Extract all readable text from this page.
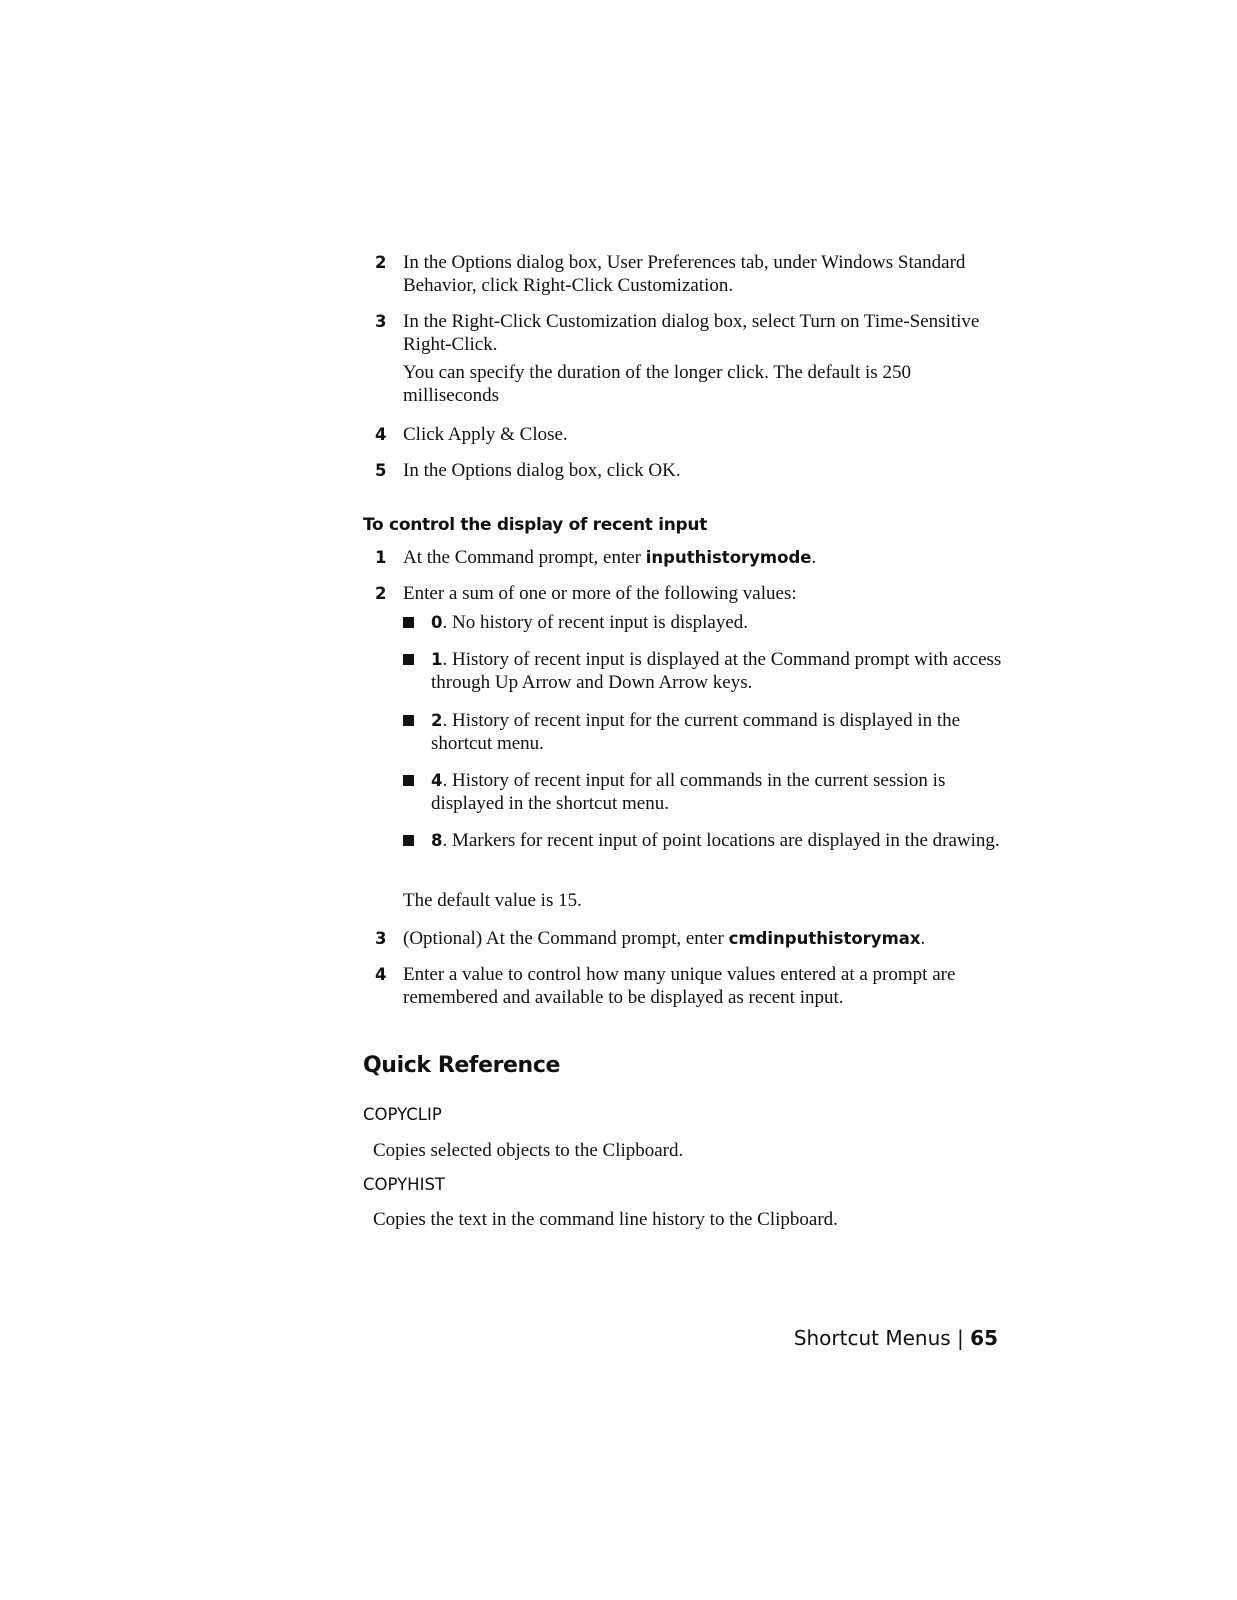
2 In the Options dialog box, User Preferences tab, under Windows Standard Behavior, click Right-Click Customization.
3 In the Right-Click Customization dialog box, select Turn on Time-Sensitive Right-Click.
You can specify the duration of the longer click. The default is 250 milliseconds
4 Click Apply & Close.
5 In the Options dialog box, click OK.
To control the display of recent input
1 At the Command prompt, enter inputhistorymode.
2 Enter a sum of one or more of the following values:
0. No history of recent input is displayed.
1. History of recent input is displayed at the Command prompt with access through Up Arrow and Down Arrow keys.
2. History of recent input for the current command is displayed in the shortcut menu.
4. History of recent input for all commands in the current session is displayed in the shortcut menu.
8. Markers for recent input of point locations are displayed in the drawing.
The default value is 15.
3 (Optional) At the Command prompt, enter cmdinputhistorymax.
4 Enter a value to control how many unique values entered at a prompt are remembered and available to be displayed as recent input.
Quick Reference
COPYCLIP
Copies selected objects to the Clipboard.
COPYHIST
Copies the text in the command line history to the Clipboard.
Shortcut Menus | 65
